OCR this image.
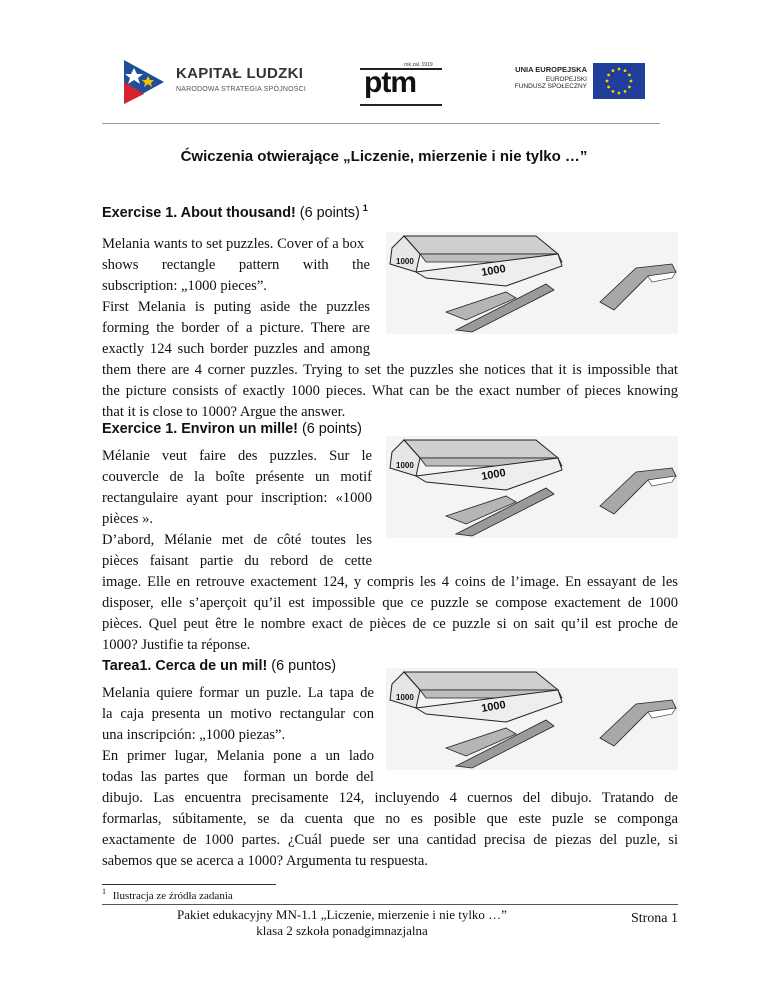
KAPITAŁ LUDZKI
NARODOWA STRATEGIA SPÓJNOŚCI ptm
rok zał. 1919	UNIA EUROPEJSKA
EUROPEJSKI
FUNDUSZ SPOŁECZNY
Ćwiczenia otwierające „Liczenie, mierzenie i nie tylko …”
Exercise 1. About thousand! (6 points) $^1$
1000
1000
Melania wants to set puzzles. Cover of a box
shows rectangle pattern with the
subscription: „1000 pieces”.
First Melania is puting aside the puzzles
forming the border of a picture. There are
exactly 124 such border puzzles and among
them there are 4 corner puzzles. Trying to set the puzzles she notices that it is impossible that
the picture consists of exactly 1000 pieces. What can be the exact number of pieces knowing
that it is close to 1000? Argue the answer.
Exercice 1. Environ un mille! (6 points)
1000
1000
Mélanie veut faire des puzzles. Sur le
couvercle de la boîte présente un motif
rectangulaire ayant pour inscription: «1000
pièces ».
D’abord, Mélanie met de côté toutes les
pièces faisant partie du rebord de cette
image. Elle en retrouve exactement 124, y compris les 4 coins de l’image. En essayant de les
disposer, elle s’aperçoit qu’il est impossible que ce puzzle se compose exactement de 1000
pièces. Quel peut être le nombre exact de pièces de ce puzzle si on sait qu’il est proche de
1000? Justifie ta réponse.
Tarea1. Cerca de un mil! (6 puntos)
1000
1000
Melania quiere formar un puzle. La tapa de
la caja presenta un motivo rectangular con
una inscripción: „1000 piezas”.
En primer lugar, Melania pone a un lado
todas las partes que  forman un borde del
dibujo. Las encuentra precisamente 124, incluyendo 4 cuernos del dibujo. Tratando de
formarlas, súbitamente, se da cuenta que no es posible que este puzle se componga
exactamente de 1000 partes. ¿Cuál puede ser una cantidad precisa de piezas del puzle, si
sabemos que se acerca a 1000? Argumenta tu respuesta.
$^1$ Ilustracja ze źródła zadania
Pakiet edukacyjny MN-1.1 „Liczenie, mierzenie i nie tylko …”
klasa 2 szkoła ponadgimnazjalna
Strona 1
